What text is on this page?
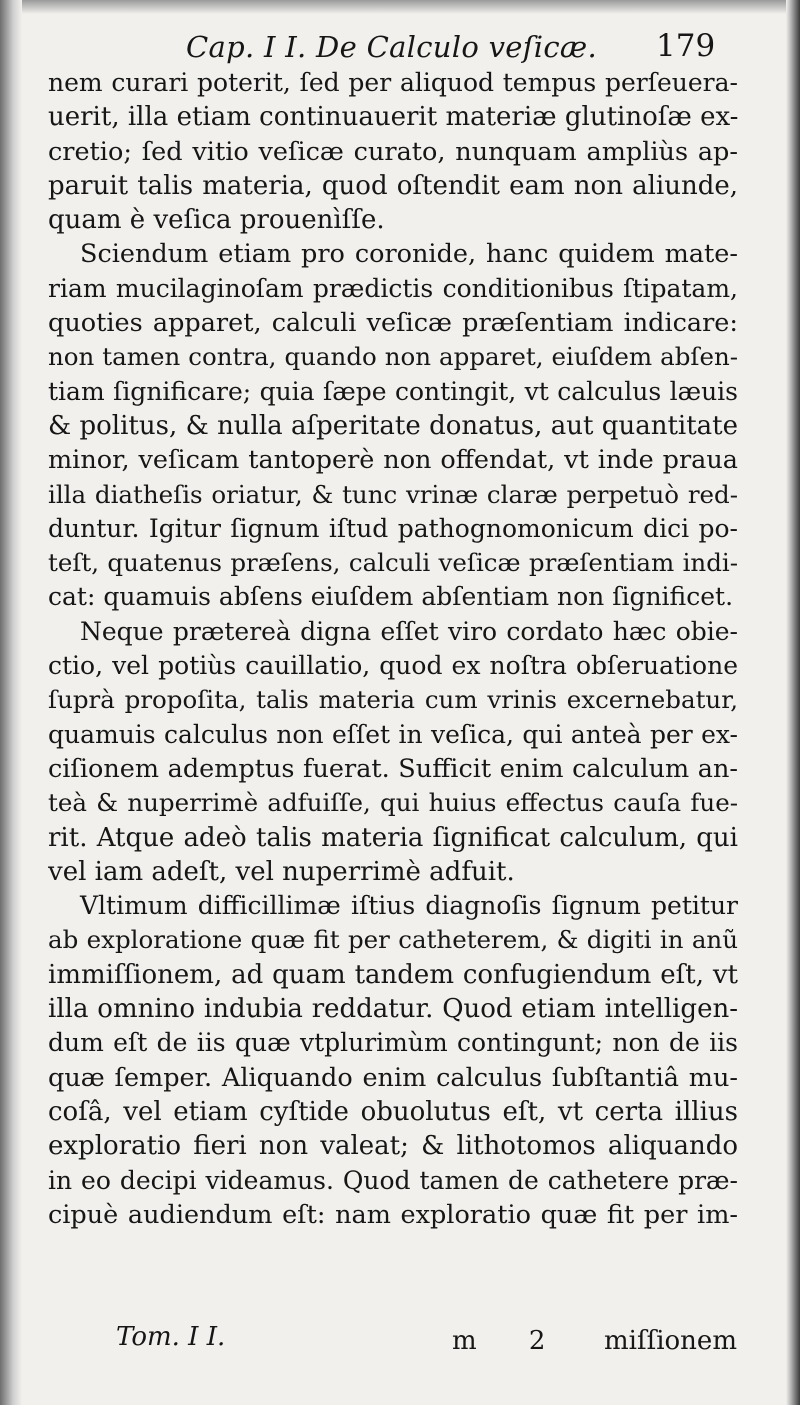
Cap. I I. De Calculo veſicæ. 179
nem curari poterit, ſed per aliquod tempus perſeuera-
uerit, illa etiam continuauerit materiæ glutinoſæ ex-
cretio; ſed vitio veſicæ curato, nunquam ampliùs ap-
paruit talis materia, quod oſtendit eam non aliunde,
quam è veſica prouenìſſe.
Sciendum etiam pro coronide, hanc quidem mate-
riam mucilaginoſam prædictis conditionibus ſtipatam,
quoties apparet, calculi veſicæ præſentiam indicare:
non tamen contra, quando non apparet, eiuſdem abſen-
tiam ſignificare; quia ſæpe contingit, vt calculus læuis
& politus, & nulla aſperitate donatus, aut quantitate
minor, veſicam tantoperè non offendat, vt inde praua
illa diatheſis oriatur, & tunc vrinæ claræ perpetuò red-
duntur. Igitur ſignum iſtud pathognomonicum dici po-
teſt, quatenus præſens, calculi veſicæ præſentiam indi-
cat: quamuis abſens eiuſdem abſentiam non ſignificet.
Neque prætereà digna eſſet viro cordato hæc obie-
ctio, vel potiùs cauillatio, quod ex noſtra obſeruatione
ſuprà propoſita, talis materia cum vrinis excernebatur,
quamuis calculus non eſſet in veſica, qui anteà per ex-
ciſionem ademptus fuerat. Sufficit enim calculum an-
teà & nuperrimè adfuiſſe, qui huius effectus cauſa fue-
rit. Atque adeò talis materia ſignificat calculum, qui
vel iam adeſt, vel nuperrimè adfuit.
Vltimum difficillimæ iſtius diagnoſis ſignum petitur
ab exploratione quæ fit per catheterem, & digiti in anũ
immiſſionem, ad quam tandem confugiendum eſt, vt
illa omnino indubia reddatur. Quod etiam intelligen-
dum eſt de iis quæ vtplurimùm contingunt; non de iis
quæ ſemper. Aliquando enim calculus ſubſtantiâ mu-
coſâ, vel etiam cyſtide obuolutus eſt, vt certa illius
exploratio fieri non valeat; & lithotomos aliquando
in eo decipi videamus. Quod tamen de cathetere præ-
cipuè audiendum eſt: nam exploratio quæ fit per im-
Tom. I I.	m 2 miſſionem
